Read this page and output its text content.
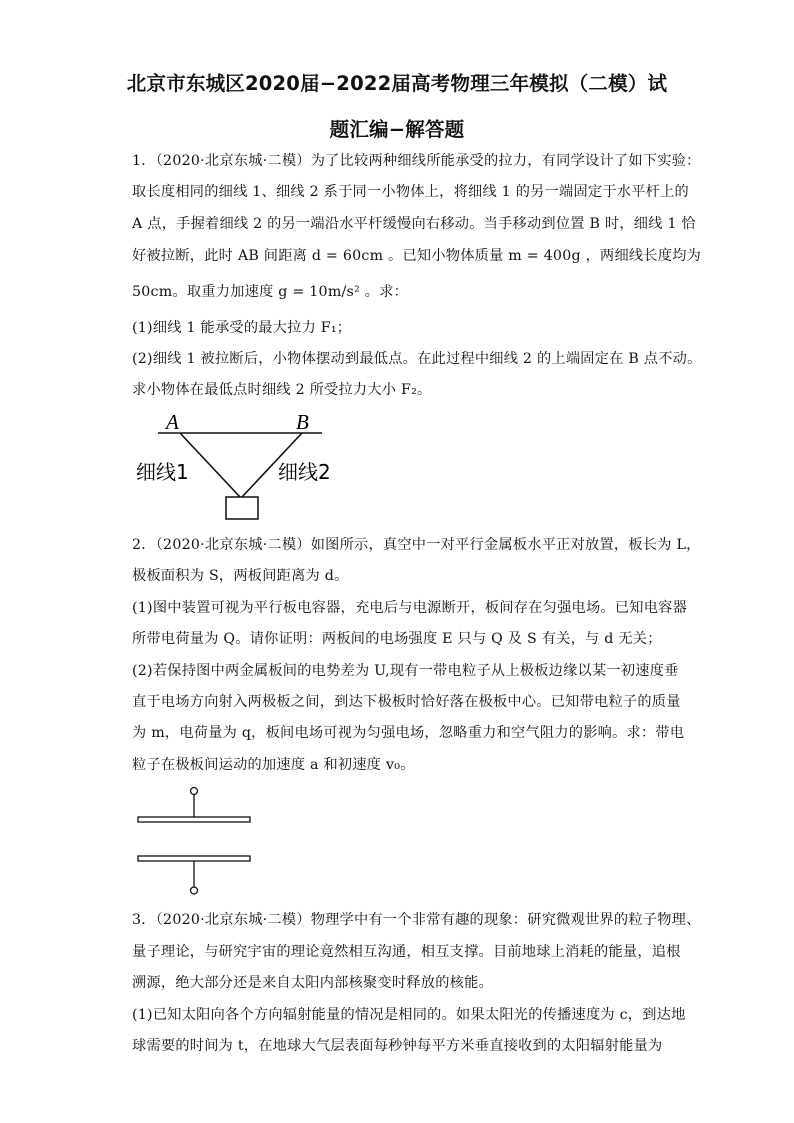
北京市东城区2020届−2022届高考物理三年模拟（二模）试
题汇编−解答题
1．（2020·北京东城·二模）为了比较两种细线所能承受的拉力，有同学设计了如下实验：
取长度相同的细线 1、细线 2 系于同一小物体上，将细线 1 的另一端固定于水平杆上的
A 点，手握着细线 2 的另一端沿水平杆缓慢向右移动。当手移动到位置 B 时，细线 1 恰
好被拉断，此时 AB 间距离 d = 60cm 。已知小物体质量 m = 400g ，两细线长度均为
50cm。取重力加速度 g = 10m/s² 。求：
(1)细线 1 能承受的最大拉力 F₁；
(2)细线 1 被拉断后，小物体摆动到最低点。在此过程中细线 2 的上端固定在 B 点不动。
求小物体在最低点时细线 2 所受拉力大小 F₂。
A	B
细线1	细线2
2．（2020·北京东城·二模）如图所示，真空中一对平行金属板水平正对放置，板长为 L，
极板面积为 S，两板间距离为 d。
(1)图中装置可视为平行板电容器，充电后与电源断开，板间存在匀强电场。已知电容器
所带电荷量为 Q。请你证明：两板间的电场强度 E 只与 Q 及 S 有关，与 d 无关；
(2)若保持图中两金属板间的电势差为 U,现有一带电粒子从上极板边缘以某一初速度垂
直于电场方向射入两极板之间，到达下极板时恰好落在极板中心。已知带电粒子的质量
为 m，电荷量为 q，板间电场可视为匀强电场，忽略重力和空气阻力的影响。求：带电
粒子在极板间运动的加速度 a 和初速度 v₀。
3．（2020·北京东城·二模）物理学中有一个非常有趣的现象：研究微观世界的粒子物理、
量子理论，与研究宇宙的理论竟然相互沟通，相互支撑。目前地球上消耗的能量，追根
溯源，绝大部分还是来自太阳内部核聚变时释放的核能。
(1)已知太阳向各个方向辐射能量的情况是相同的。如果太阳光的传播速度为 c，到达地
球需要的时间为 t，在地球大气层表面每秒钟每平方米垂直接收到的太阳辐射能量为
